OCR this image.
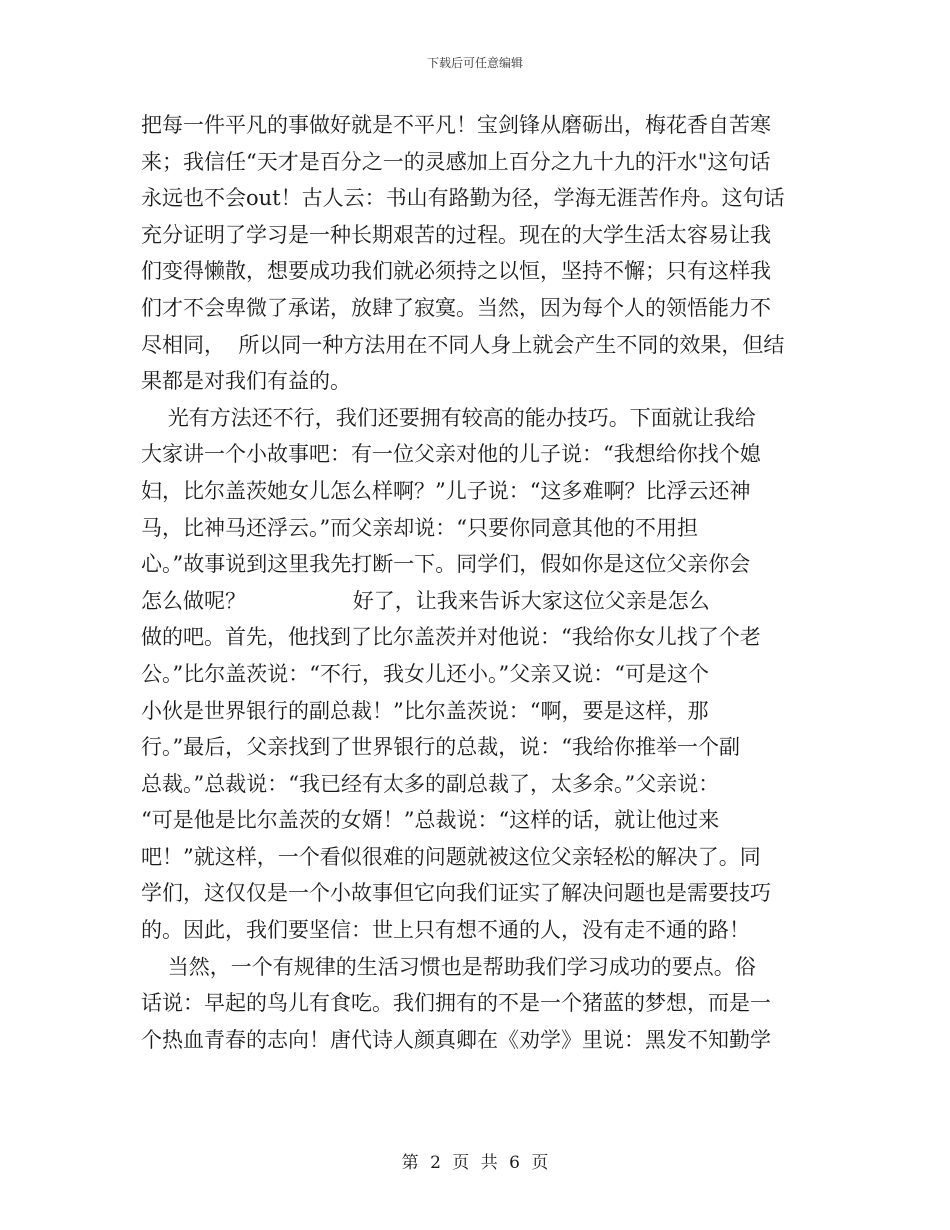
下载后可任意编辑
把每一件平凡的事做好就是不平凡！宝剑锋从磨砺出，梅花香自苦寒
来；我信任“天才是百分之一的灵感加上百分之九十九的汗水"这句话
永远也不会out！古人云：书山有路勤为径，学海无涯苦作舟。这句话
充分证明了学习是一种长期艰苦的过程。现在的大学生活太容易让我
们变得懒散，想要成功我们就必须持之以恒，坚持不懈；只有这样我
们才不会卑微了承诺，放肆了寂寞。当然，因为每个人的领悟能力不
尽相同，  所以同一种方法用在不同人身上就会产生不同的效果，但结
果都是对我们有益的。
光有方法还不行，我们还要拥有较高的能办技巧。下面就让我给
大家讲一个小故事吧：有一位父亲对他的儿子说：“我想给你找个媳
妇，比尔盖茨她女儿怎么样啊？”儿子说：“这多难啊？比浮云还神
马，比神马还浮云。”而父亲却说：“只要你同意其他的不用担
心。”故事说到这里我先打断一下。同学们，假如你是这位父亲你会
怎么做呢？                好了，让我来告诉大家这位父亲是怎么
做的吧。首先，他找到了比尔盖茨并对他说：“我给你女儿找了个老
公。”比尔盖茨说：“不行，我女儿还小。”父亲又说：“可是这个
小伙是世界银行的副总裁！”比尔盖茨说：“啊，要是这样，那
行。”最后，父亲找到了世界银行的总裁，说：“我给你推举一个副
总裁。”总裁说：“我已经有太多的副总裁了，太多余。”父亲说：
“可是他是比尔盖茨的女婿！”总裁说：“这样的话，就让他过来
吧！”就这样，一个看似很难的问题就被这位父亲轻松的解决了。同
学们，这仅仅是一个小故事但它向我们证实了解决问题也是需要技巧
的。因此，我们要坚信：世上只有想不通的人，没有走不通的路！
当然，一个有规律的生活习惯也是帮助我们学习成功的要点。俗
话说：早起的鸟儿有食吃。我们拥有的不是一个猪蓝的梦想，而是一
个热血青春的志向！唐代诗人颜真卿在《劝学》里说：黑发不知勤学
第 2 页 共 6 页
